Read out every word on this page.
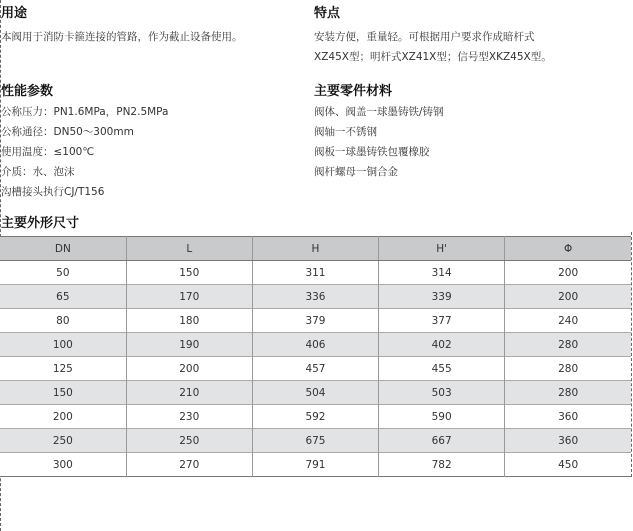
用途
本阀用于消防卡箍连接的管路，作为截止设备使用。
特点
安装方便，重量轻。可根据用户要求作成暗杆式
XZ45X型；明杆式XZ41X型；信号型XKZ45X型。
性能参数
公称压力：PN1.6MPa，PN2.5MPa
公称通径：DN50～300mm
使用温度：≤100℃
介质：水、泡沫
沟槽接头执行CJ/T156
主要零件材料
阀体、阀盖一球墨铸铁/铸钢
阀轴一不锈钢
阀板一球墨铸铁包覆橡胶
阀杆螺母一铜合金
主要外形尺寸
DN	L	H	H'	Φ
50	150	311	314	200
65	170	336	339	200
80	180	379	377	240
100	190	406	402	280
125	200	457	455	280
150	210	504	503	280
200	230	592	590	360
250	250	675	667	360
300	270	791	782	450
